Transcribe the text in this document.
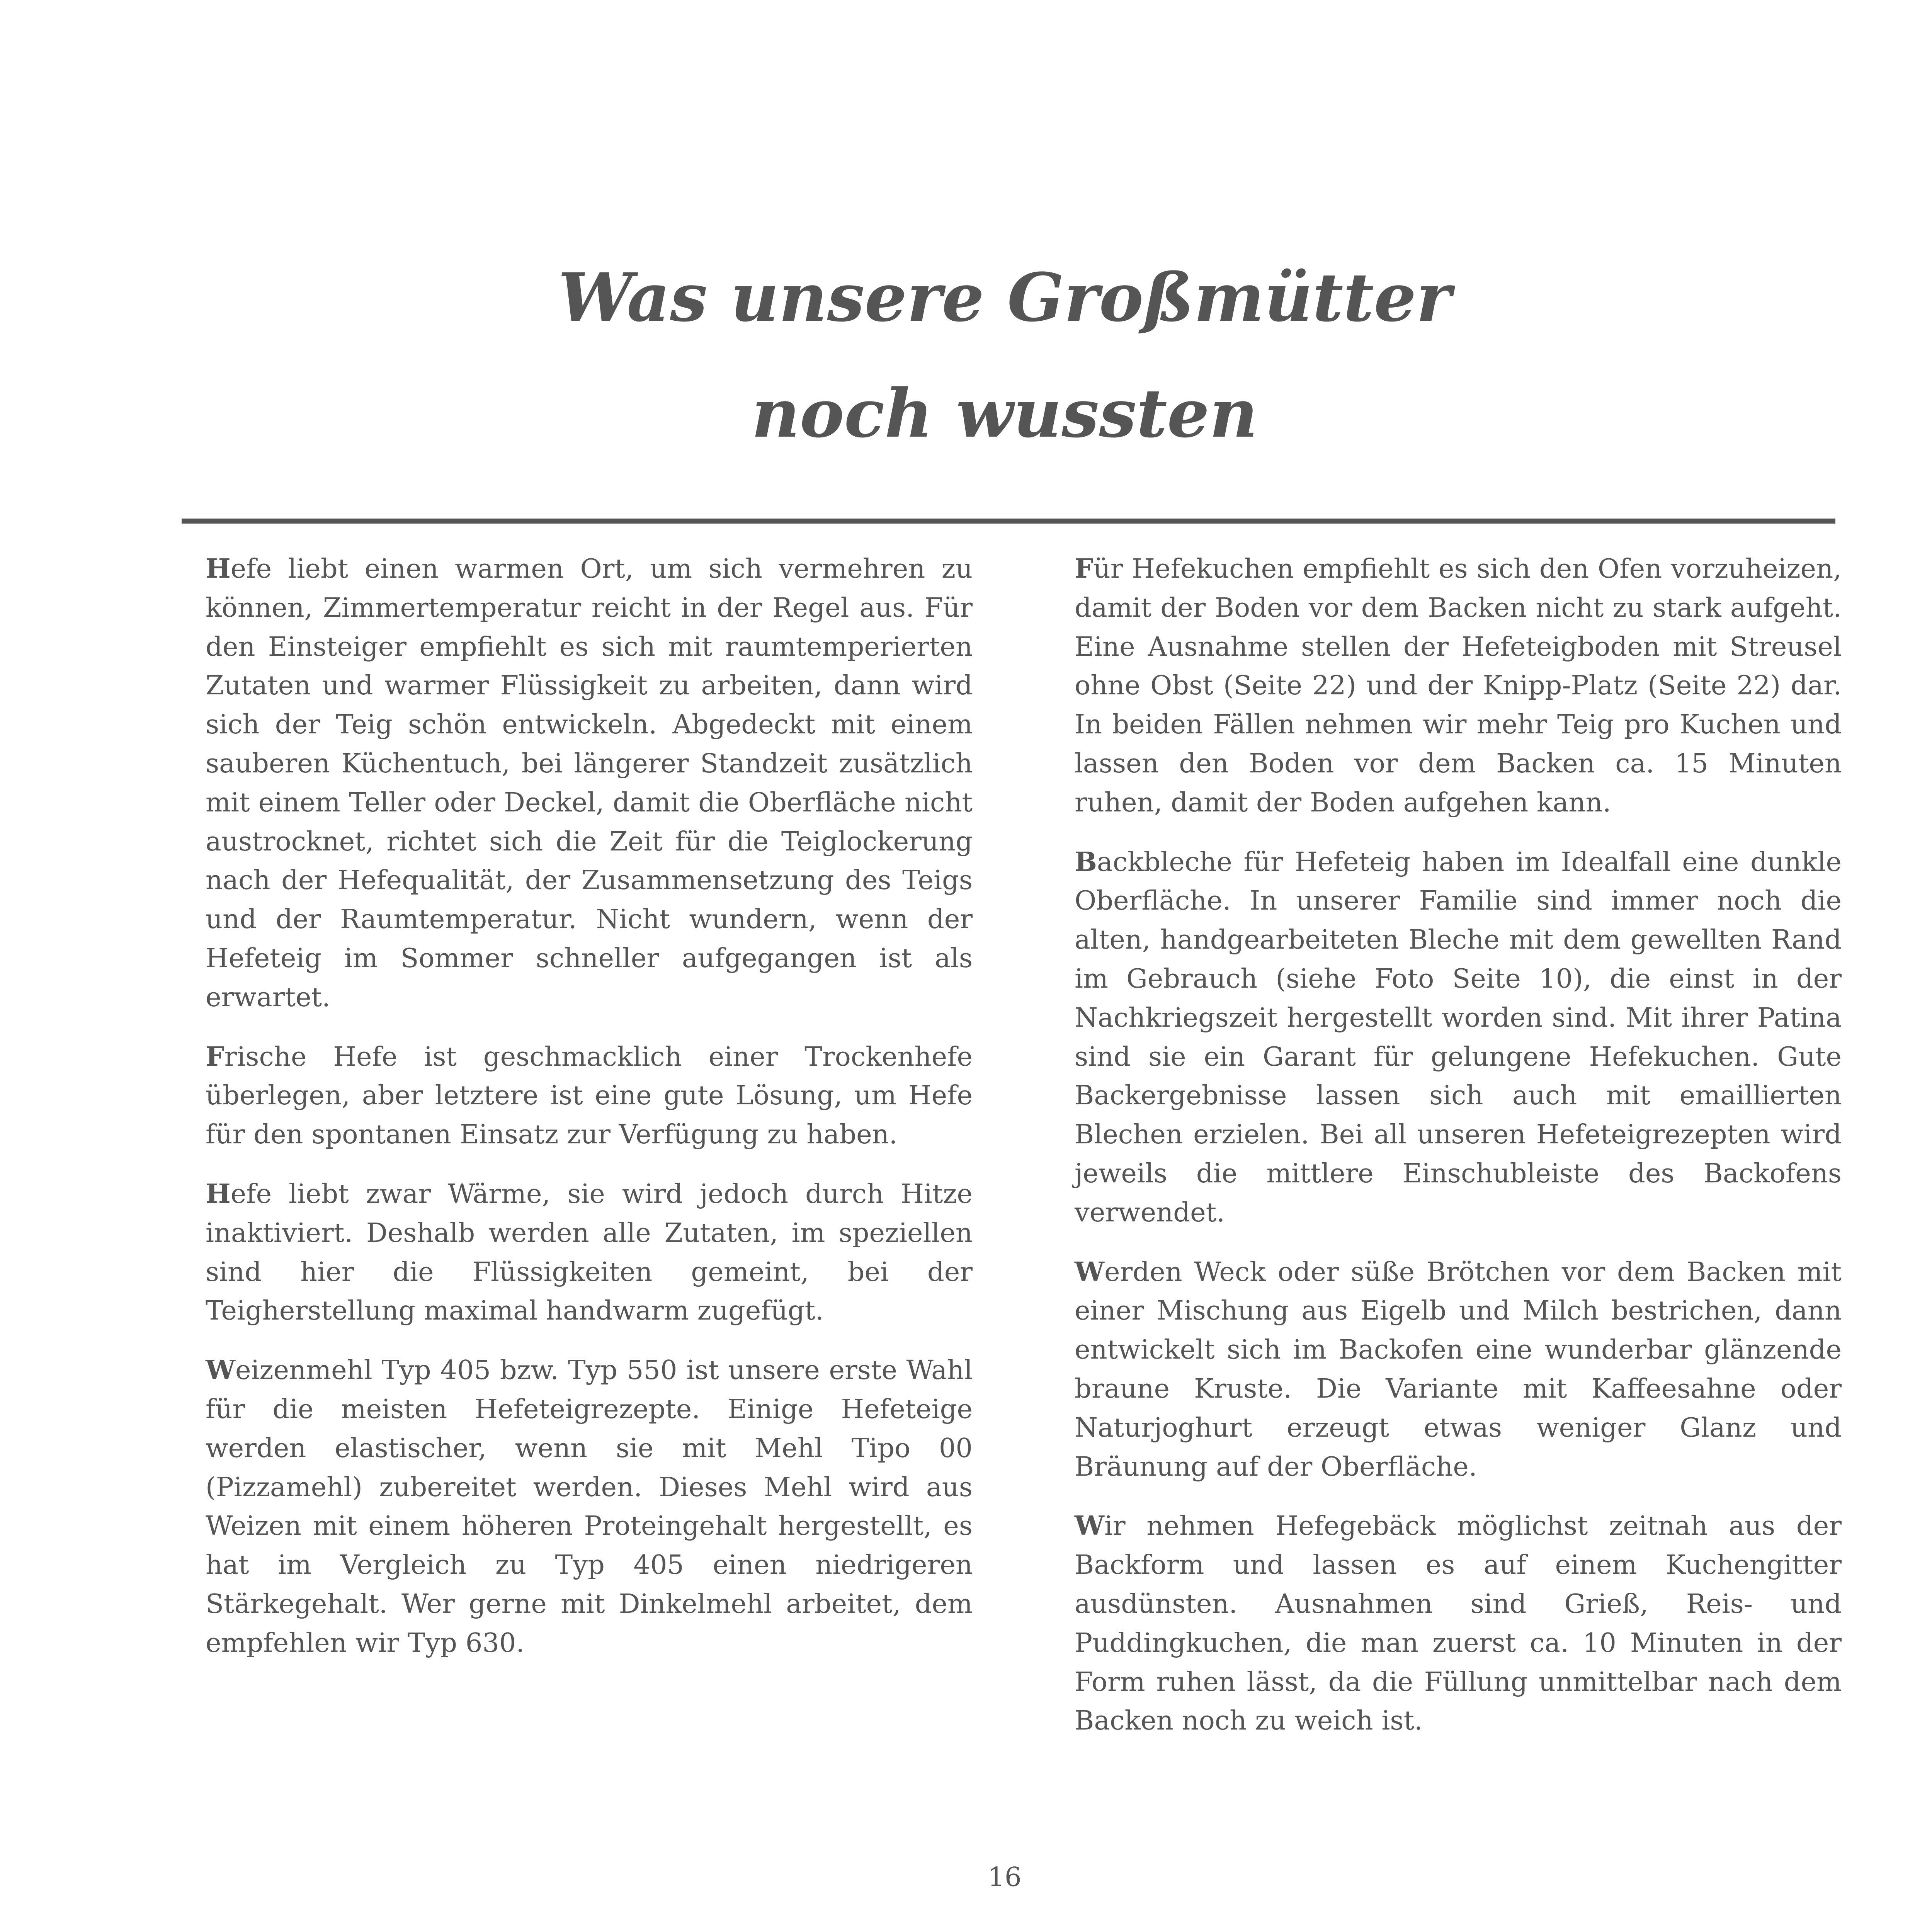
Was unsere Großmütter
noch wussten

Hefe liebt einen warmen Ort, um sich vermehren zu können, Zimmertemperatur reicht in der Regel aus. Für den Einsteiger empfiehlt es sich mit raumtemperierten Zutaten und warmer Flüssigkeit zu arbeiten, dann wird sich der Teig schön entwickeln. Abgedeckt mit einem sauberen Küchentuch, bei längerer Standzeit zusätzlich mit einem Teller oder Deckel, damit die Oberfläche nicht austrocknet, richtet sich die Zeit für die Teiglockerung nach der Hefequalität, der Zusammensetzung des Teigs und der Raumtemperatur. Nicht wundern, wenn der Hefeteig im Sommer schneller aufgegangen ist als erwartet.

Frische Hefe ist geschmacklich einer Trockenhefe überlegen, aber letztere ist eine gute Lösung, um Hefe für den spontanen Einsatz zur Verfügung zu haben.

Hefe liebt zwar Wärme, sie wird jedoch durch Hitze inaktiviert. Deshalb werden alle Zutaten, im speziellen sind hier die Flüssigkeiten gemeint, bei der Teigherstellung maximal handwarm zugefügt.

Weizenmehl Typ 405 bzw. Typ 550 ist unsere erste Wahl für die meisten Hefeteigrezepte. Einige Hefeteige werden elastischer, wenn sie mit Mehl Tipo 00 (Pizzamehl) zubereitet werden. Dieses Mehl wird aus Weizen mit einem höheren Proteingehalt hergestellt, es hat im Vergleich zu Typ 405 einen niedrigeren Stärkegehalt. Wer gerne mit Dinkelmehl arbeitet, dem empfehlen wir Typ 630.

Für Hefekuchen empfiehlt es sich den Ofen vorzuheizen, damit der Boden vor dem Backen nicht zu stark aufgeht. Eine Ausnahme stellen der Hefeteigboden mit Streusel ohne Obst (Seite 22) und der Knipp-Platz (Seite 22) dar. In beiden Fällen nehmen wir mehr Teig pro Kuchen und lassen den Boden vor dem Backen ca. 15 Minuten ruhen, damit der Boden aufgehen kann.

Backbleche für Hefeteig haben im Idealfall eine dunkle Oberfläche. In unserer Familie sind immer noch die alten, handgearbeiteten Bleche mit dem gewellten Rand im Gebrauch (siehe Foto Seite 10), die einst in der Nachkriegszeit hergestellt worden sind. Mit ihrer Patina sind sie ein Garant für gelungene Hefekuchen. Gute Backergebnisse lassen sich auch mit emaillierten Blechen erzielen. Bei all unseren Hefeteigrezepten wird jeweils die mittlere Einschubleiste des Backofens verwendet.

Werden Weck oder süße Brötchen vor dem Backen mit einer Mischung aus Eigelb und Milch bestrichen, dann entwickelt sich im Backofen eine wunderbar glänzende braune Kruste. Die Variante mit Kaffeesahne oder Naturjoghurt erzeugt etwas weniger Glanz und Bräunung auf der Oberfläche.

Wir nehmen Hefegebäck möglichst zeitnah aus der Backform und lassen es auf einem Kuchengitter ausdünsten. Ausnahmen sind Grieß, Reis- und Puddingkuchen, die man zuerst ca. 10 Minuten in der Form ruhen lässt, da die Füllung unmittelbar nach dem Backen noch zu weich ist.

16
